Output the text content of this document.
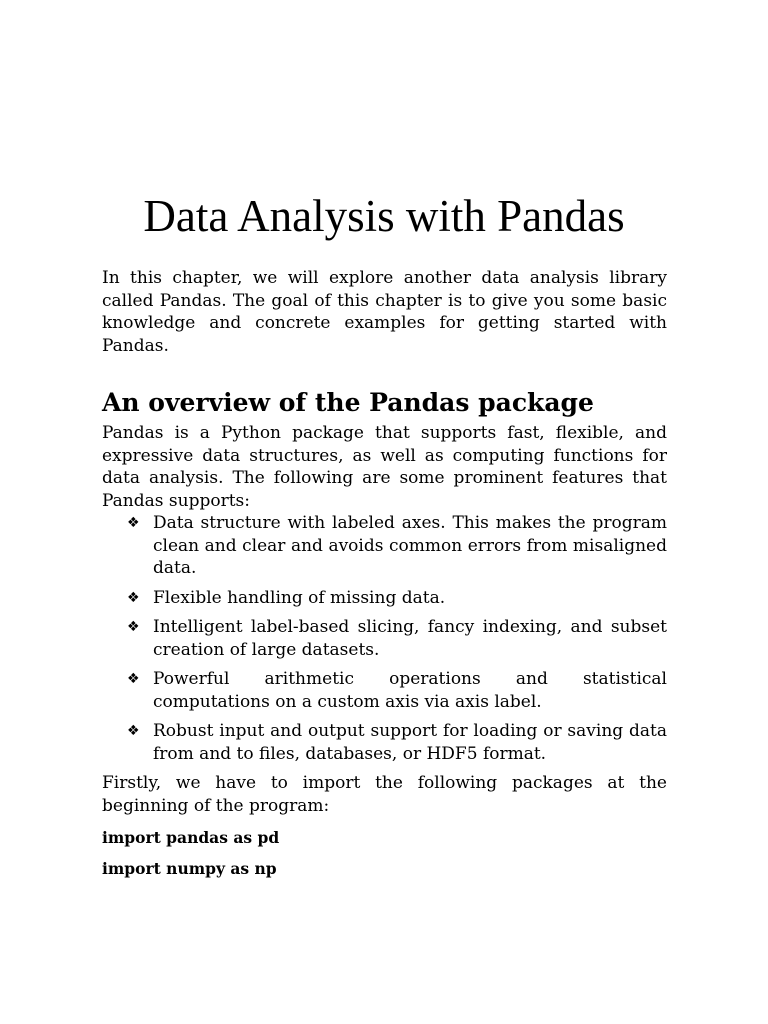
Data Analysis with Pandas

In this chapter, we will explore another data analysis library called Pandas. The goal of this chapter is to give you some basic knowledge and concrete examples for getting started with Pandas.

An overview of the Pandas package

Pandas is a Python package that supports fast, flexible, and expressive data structures, as well as computing functions for data analysis. The following are some prominent features that Pandas supports:

❖ Data structure with labeled axes. This makes the program clean and clear and avoids common errors from misaligned data.
❖ Flexible handling of missing data.
❖ Intelligent label-based slicing, fancy indexing, and subset creation of large datasets.
❖ Powerful arithmetic operations and statistical computations on a custom axis via axis label.
❖ Robust input and output support for loading or saving data from and to files, databases, or HDF5 format.

Firstly, we have to import the following packages at the beginning of the program:

import pandas as pd

import numpy as np
